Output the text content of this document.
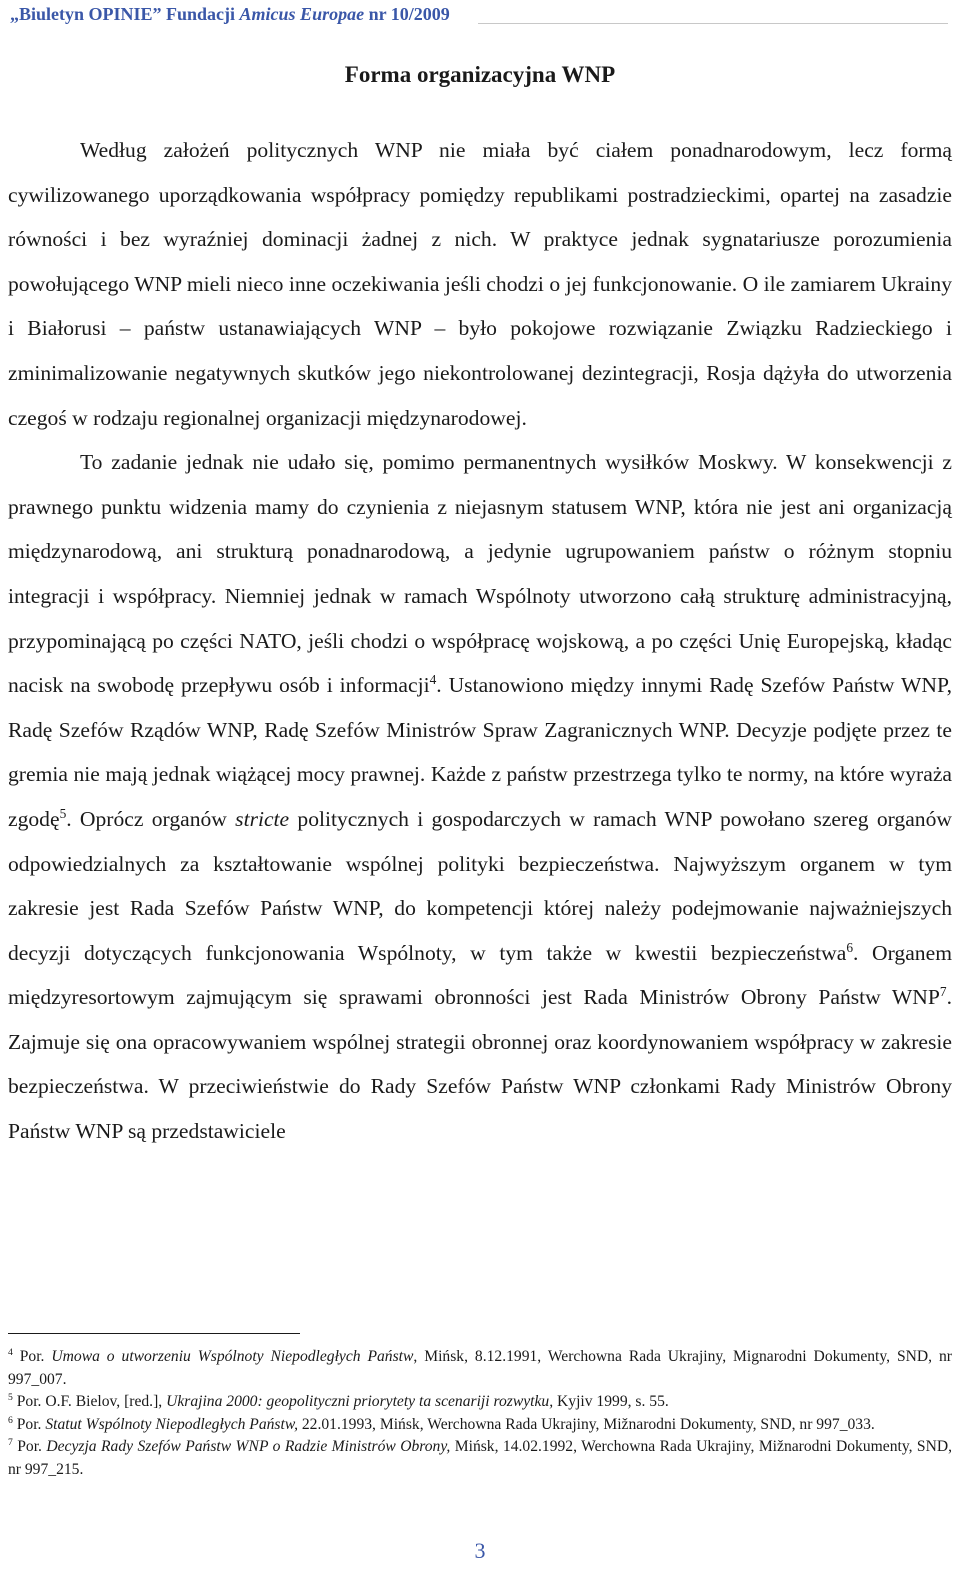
„Biuletyn OPINIE” Fundacji Amicus Europae nr 10/2009
Forma organizacyjna WNP

Według założeń politycznych WNP nie miała być ciałem ponadnarodowym, lecz formą cywilizowanego uporządkowania współpracy pomiędzy republikami postradzieckimi, opartej na zasadzie równości i bez wyraźniej dominacji żadnej z nich. W praktyce jednak sygnatariusze porozumienia powołującego WNP mieli nieco inne oczekiwania jeśli chodzi o jej funkcjonowanie. O ile zamiarem Ukrainy i Białorusi – państw ustanawiających WNP – było pokojowe rozwiązanie Związku Radzieckiego i zminimalizowanie negatywnych skutków jego niekontrolowanej dezintegracji, Rosja dążyła do utworzenia czegoś w rodzaju regionalnej organizacji międzynarodowej.

To zadanie jednak nie udało się, pomimo permanentnych wysiłków Moskwy. W konsekwencji z prawnego punktu widzenia mamy do czynienia z niejasnym statusem WNP, która nie jest ani organizacją międzynarodową, ani strukturą ponadnarodową, a jedynie ugrupowaniem państw o różnym stopniu integracji i współpracy. Niemniej jednak w ramach Wspólnoty utworzono całą strukturę administracyjną, przypominającą po części NATO, jeśli chodzi o współpracę wojskową, a po części Unię Europejską, kładąc nacisk na swobodę przepływu osób i informacji$^4$. Ustanowiono między innymi Radę Szefów Państw WNP, Radę Szefów Rządów WNP, Radę Szefów Ministrów Spraw Zagranicznych WNP. Decyzje podjęte przez te gremia nie mają jednak wiążącej mocy prawnej. Każde z państw przestrzega tylko te normy, na które wyraża zgodę$^5$. Oprócz organów stricte politycznych i gospodarczych w ramach WNP powołano szereg organów odpowiedzialnych za kształtowanie wspólnej polityki bezpieczeństwa. Najwyższym organem w tym zakresie jest Rada Szefów Państw WNP, do kompetencji której należy podejmowanie najważniejszych decyzji dotyczących funkcjonowania Wspólnoty, w tym także w kwestii bezpieczeństwa$^6$. Organem międzyresortowym zajmującym się sprawami obronności jest Rada Ministrów Obrony Państw WNP$^7$. Zajmuje się ona opracowywaniem wspólnej strategii obronnej oraz koordynowaniem współpracy w zakresie bezpieczeństwa. W przeciwieństwie do Rady Szefów Państw WNP członkami Rady Ministrów Obrony Państw WNP są przedstawiciele

$^4$ Por. Umowa o utworzeniu Wspólnoty Niepodległych Państw, Mińsk, 8.12.1991, Werchowna Rada Ukrajiny, Mignarodni Dokumenty, SND, nr 997_007.

$^5$ Por. O.F. Bielov, [red.], Ukrajina 2000: geopolityczni priorytety ta scenariji rozwytku, Kyjiv 1999, s. 55.

$^6$ Por. Statut Wspólnoty Niepodległych Państw, 22.01.1993, Mińsk, Werchowna Rada Ukrajiny, Mižnarodni Dokumenty, SND, nr 997_033.

$^7$ Por. Decyzja Rady Szefów Państw WNP o Radzie Ministrów Obrony, Mińsk, 14.02.1992, Werchowna Rada Ukrajiny, Mižnarodni Dokumenty, SND, nr 997_215.

3
